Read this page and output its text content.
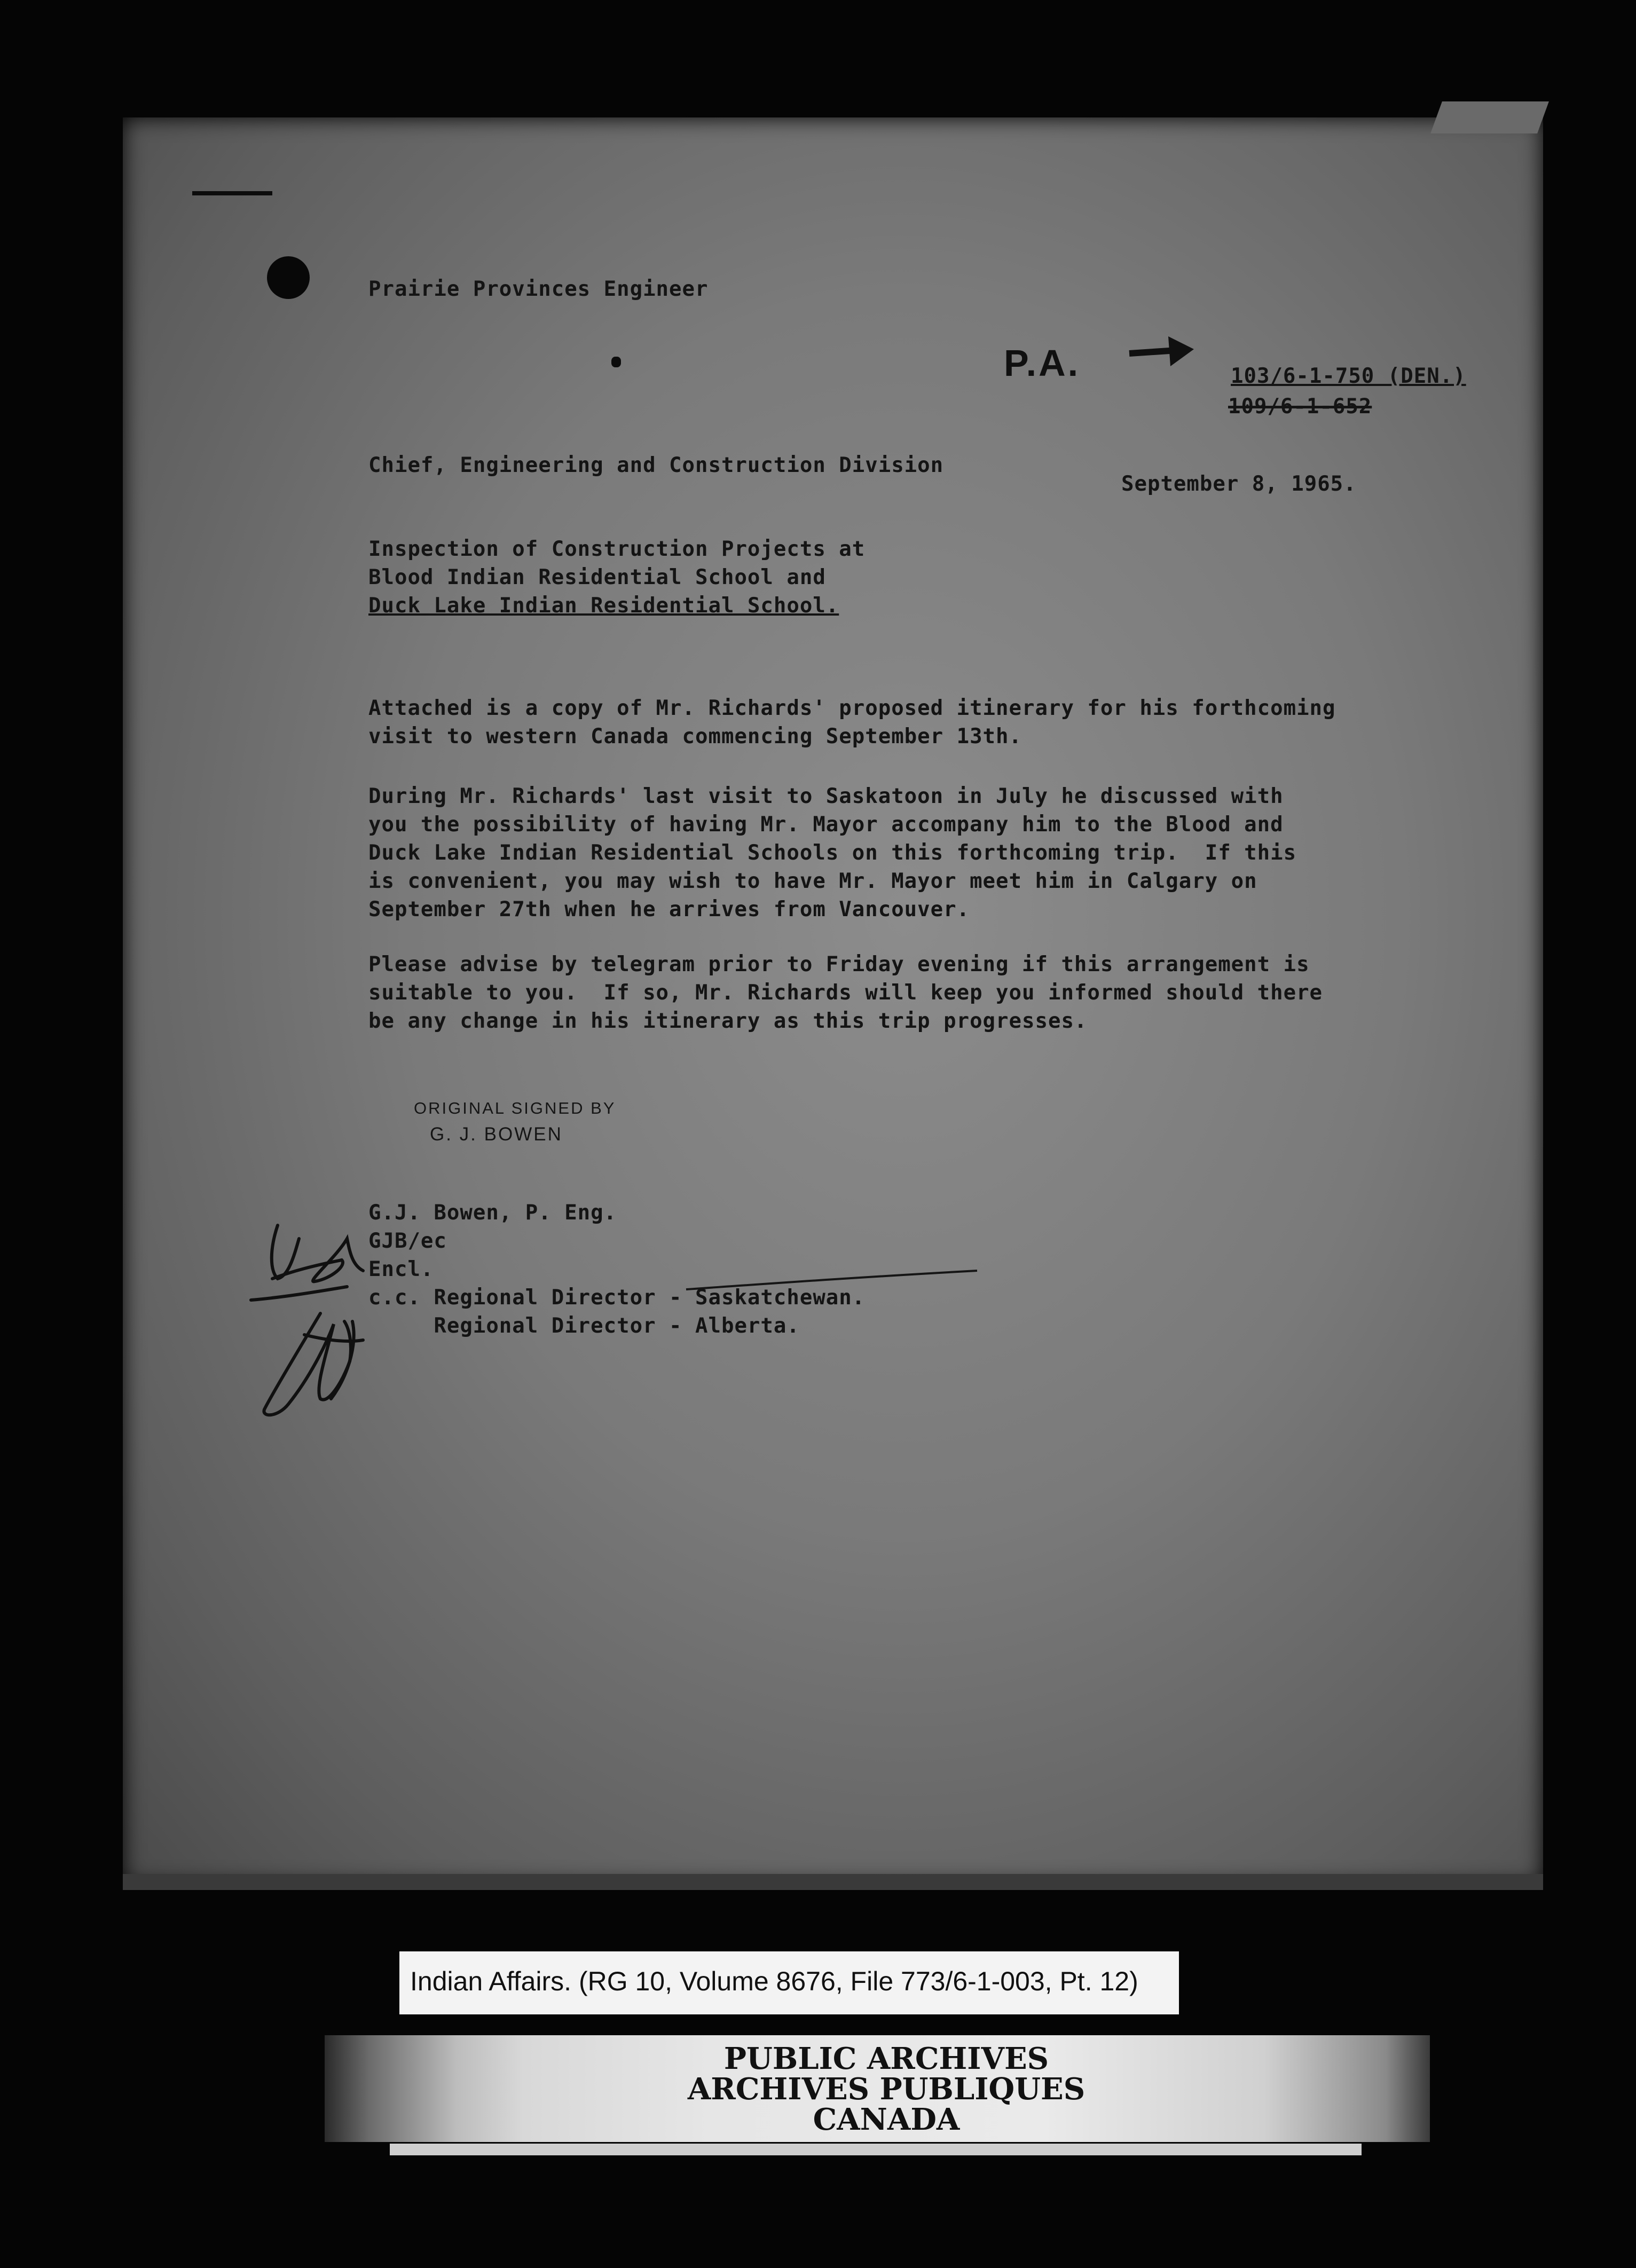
Prairie Provinces Engineer
P.A.	103/6-1-750 (DEN.)
109/6-1-652
Chief, Engineering and Construction Division
September 8, 1965.
Inspection of Construction Projects at
Blood Indian Residential School and
Duck Lake Indian Residential School.
Attached is a copy of Mr. Richards' proposed itinerary for his forthcoming
visit to western Canada commencing September 13th.
During Mr. Richards' last visit to Saskatoon in July he discussed with
you the possibility of having Mr. Mayor accompany him to the Blood and
Duck Lake Indian Residential Schools on this forthcoming trip.  If this
is convenient, you may wish to have Mr. Mayor meet him in Calgary on
September 27th when he arrives from Vancouver.
Please advise by telegram prior to Friday evening if this arrangement is
suitable to you.  If so, Mr. Richards will keep you informed should there
be any change in his itinerary as this trip progresses.
ORIGINAL SIGNED BY
G. J. BOWEN
G.J. Bowen, P. Eng.
GJB/ec
Encl.
c.c. Regional Director - Saskatchewan.
Regional Director - Alberta.
Indian Affairs. (RG 10, Volume 8676, File 773/6-1-003, Pt. 12)
PUBLIC ARCHIVES
ARCHIVES PUBLIQUES
CANADA
